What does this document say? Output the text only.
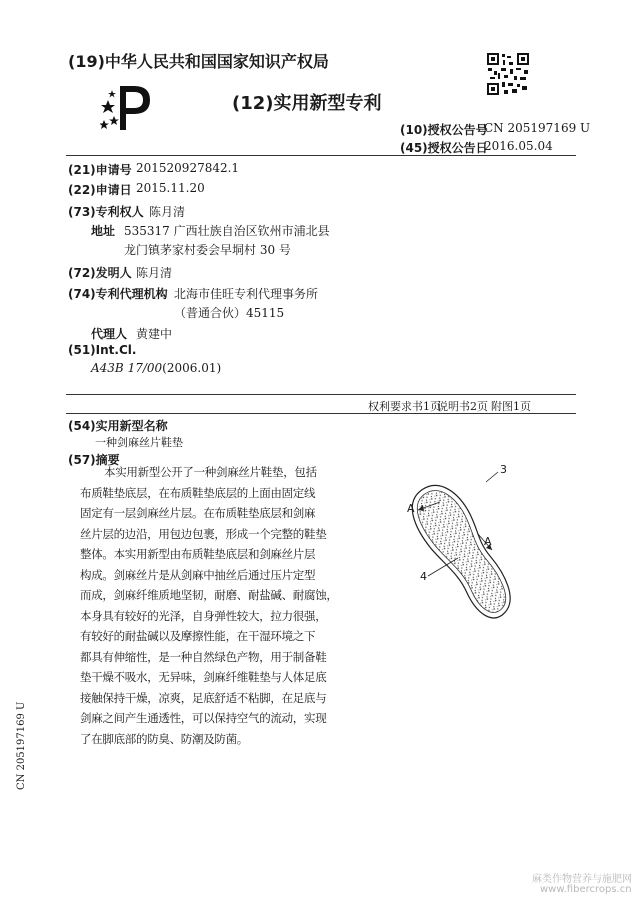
(19)中华人民共和国国家知识产权局
(12)实用新型专利
(10)授权公告号
CN 205197169 U
(45)授权公告日
2016.05.04
(21)申请号 201520927842.1
(22)申请日 2015.11.20
(73)专利权人 陈月清
地址 535317 广西壮族自治区钦州市浦北县
龙门镇茅家村委会早垌村 30 号
(72)发明人 陈月清
(74)专利代理机构 北海市佳旺专利代理事务所
（普通合伙）45115
代理人 黄建中
(51)Int.Cl.
A43B 17/00(2006.01)
权利要求书1页
说明书2页 附图1页
(54)实用新型名称
一种剑麻丝片鞋垫
(57)摘要
本实用新型公开了一种剑麻丝片鞋垫，包括
布质鞋垫底层，在布质鞋垫底层的上面由固定线
固定有一层剑麻丝片层。在布质鞋垫底层和剑麻
丝片层的边沿，用包边包裹，形成一个完整的鞋垫
整体。本实用新型由布质鞋垫底层和剑麻丝片层
构成。剑麻丝片是从剑麻中抽丝后通过压片定型
而成，剑麻纤维质地坚韧，耐磨、耐盐碱、耐腐蚀，
本身具有较好的光泽，自身弹性较大，拉力很强，
有较好的耐盐碱以及摩擦性能，在干湿环境之下
都具有伸缩性，是一种自然绿色产物，用于制备鞋
垫干燥不吸水，无异味，剑麻纤维鞋垫与人体足底
接触保持干燥，凉爽，足底舒适不粘脚，在足底与
剑麻之间产生通透性，可以保持空气的流动，实现
了在脚底部的防臭、防潮及防菌。
3
4
A
A
CN 205197169 U
麻类作物营养与施肥网
www.fibercrops.cn
